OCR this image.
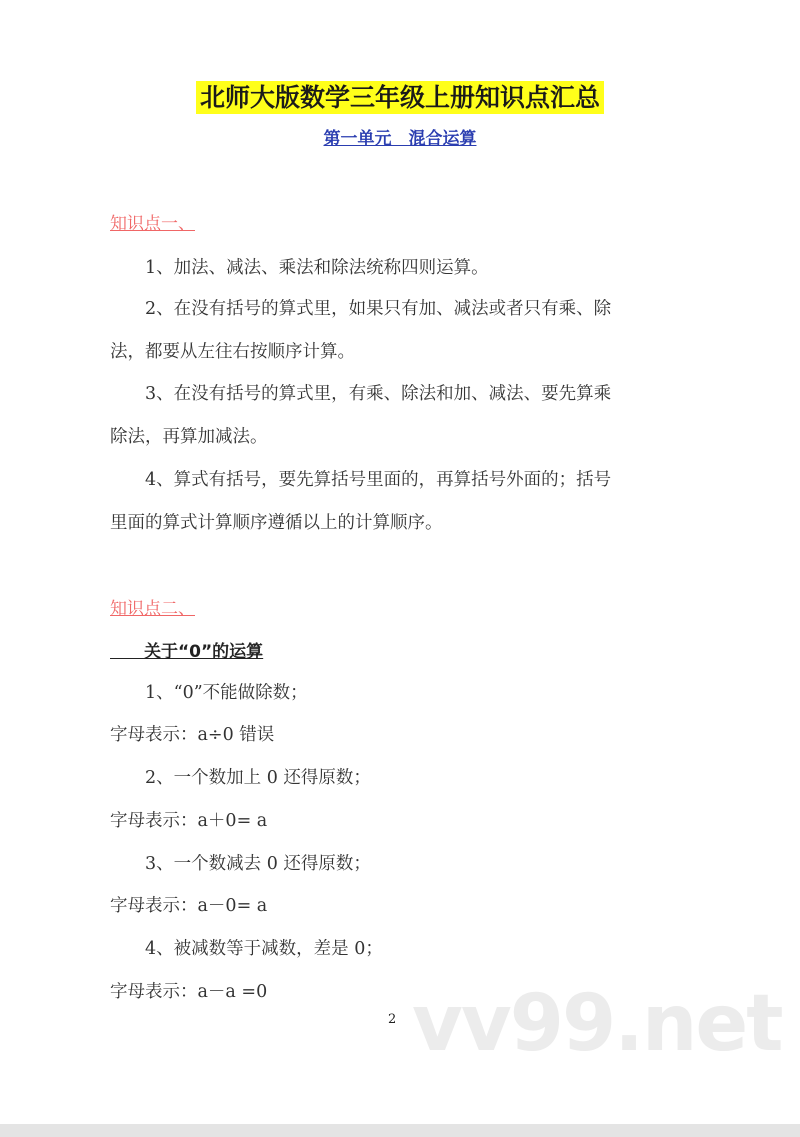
北师大版数学三年级上册知识点汇总
第一单元　混合运算
知识点一、
1、加法、减法、乘法和除法统称四则运算。
2、在没有括号的算式里，如果只有加、减法或者只有乘、除
法，都要从左往右按顺序计算。
3、在没有括号的算式里，有乘、除法和加、减法、要先算乘
除法，再算加减法。
4、算式有括号，要先算括号里面的，再算括号外面的；括号
里面的算式计算顺序遵循以上的计算顺序。
知识点二、
　　关于“0”的运算
1、“0”不能做除数；
字母表示：a÷0 错误
2、一个数加上 0 还得原数；
字母表示：a＋0= a
3、一个数减去 0 还得原数；
字母表示：a－0= a
4、被减数等于减数，差是 0；
字母表示：a－a =0 vv99.net
2
